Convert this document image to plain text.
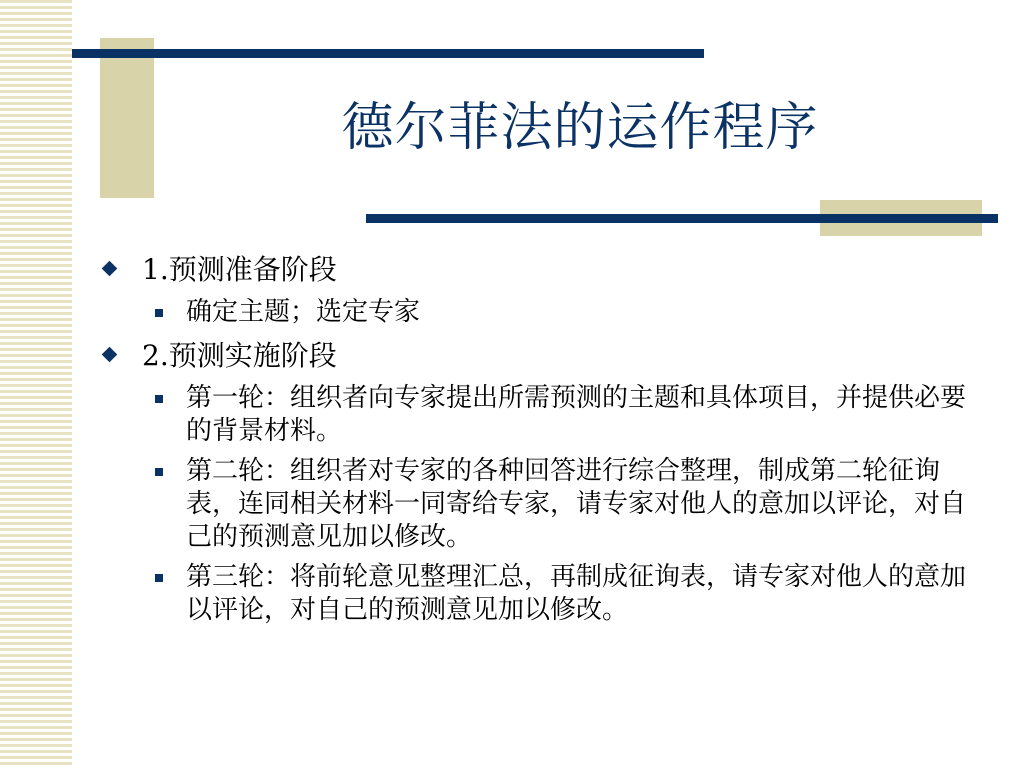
德尔菲法的运作程序
1.预测准备阶段
确定主题；选定专家
2.预测实施阶段
第一轮：组织者向专家提出所需预测的主题和具体项目，并提供必要的背景材料。
第二轮：组织者对专家的各种回答进行综合整理，制成第二轮征询表，连同相关材料一同寄给专家，请专家对他人的意加以评论，对自己的预测意见加以修改。
第三轮：将前轮意见整理汇总，再制成征询表，请专家对他人的意加以评论，对自己的预测意见加以修改。
